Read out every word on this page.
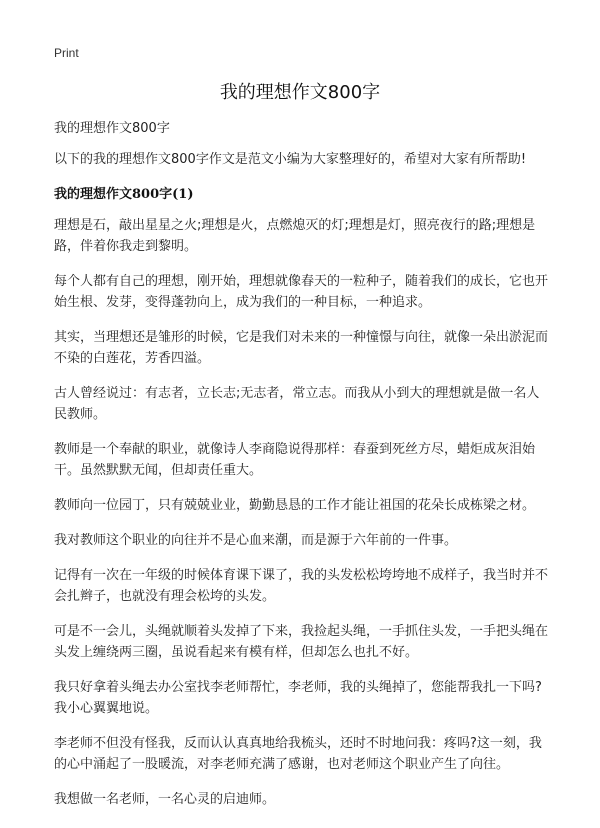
Print
我的理想作文800字

我的理想作文800字

以下的我的理想作文800字作文是范文小编为大家整理好的，希望对大家有所帮助!

我的理想作文800字(1)

理想是石，敲出星星之火;理想是火，点燃熄灭的灯;理想是灯，照亮夜行的路;理想是路，伴着你我走到黎明。

每个人都有自己的理想，刚开始，理想就像春天的一粒种子，随着我们的成长，它也开始生根、发芽，变得蓬勃向上，成为我们的一种目标，一种追求。

其实，当理想还是雏形的时候，它是我们对未来的一种憧憬与向往，就像一朵出淤泥而不染的白莲花，芳香四溢。

古人曾经说过：有志者，立长志;无志者，常立志。而我从小到大的理想就是做一名人民教师。

教师是一个奉献的职业，就像诗人李商隐说得那样：春蚕到死丝方尽，蜡炬成灰泪始干。虽然默默无闻，但却责任重大。

教师向一位园丁，只有兢兢业业，勤勤恳恳的工作才能让祖国的花朵长成栋梁之材。

我对教师这个职业的向往并不是心血来潮，而是源于六年前的一件事。

记得有一次在一年级的时候体育课下课了，我的头发松松垮垮地不成样子，我当时并不会扎辫子，也就没有理会松垮的头发。

可是不一会儿，头绳就顺着头发掉了下来，我捡起头绳，一手抓住头发，一手把头绳在头发上缠绕两三圈，虽说看起来有模有样，但却怎么也扎不好。

我只好拿着头绳去办公室找李老师帮忙，李老师，我的头绳掉了，您能帮我扎一下吗?我小心翼翼地说。

李老师不但没有怪我，反而认认真真地给我梳头，还时不时地问我：疼吗?这一刻，我的心中涌起了一股暖流，对李老师充满了感谢，也对老师这个职业产生了向往。

我想做一名老师，一名心灵的启迪师。
